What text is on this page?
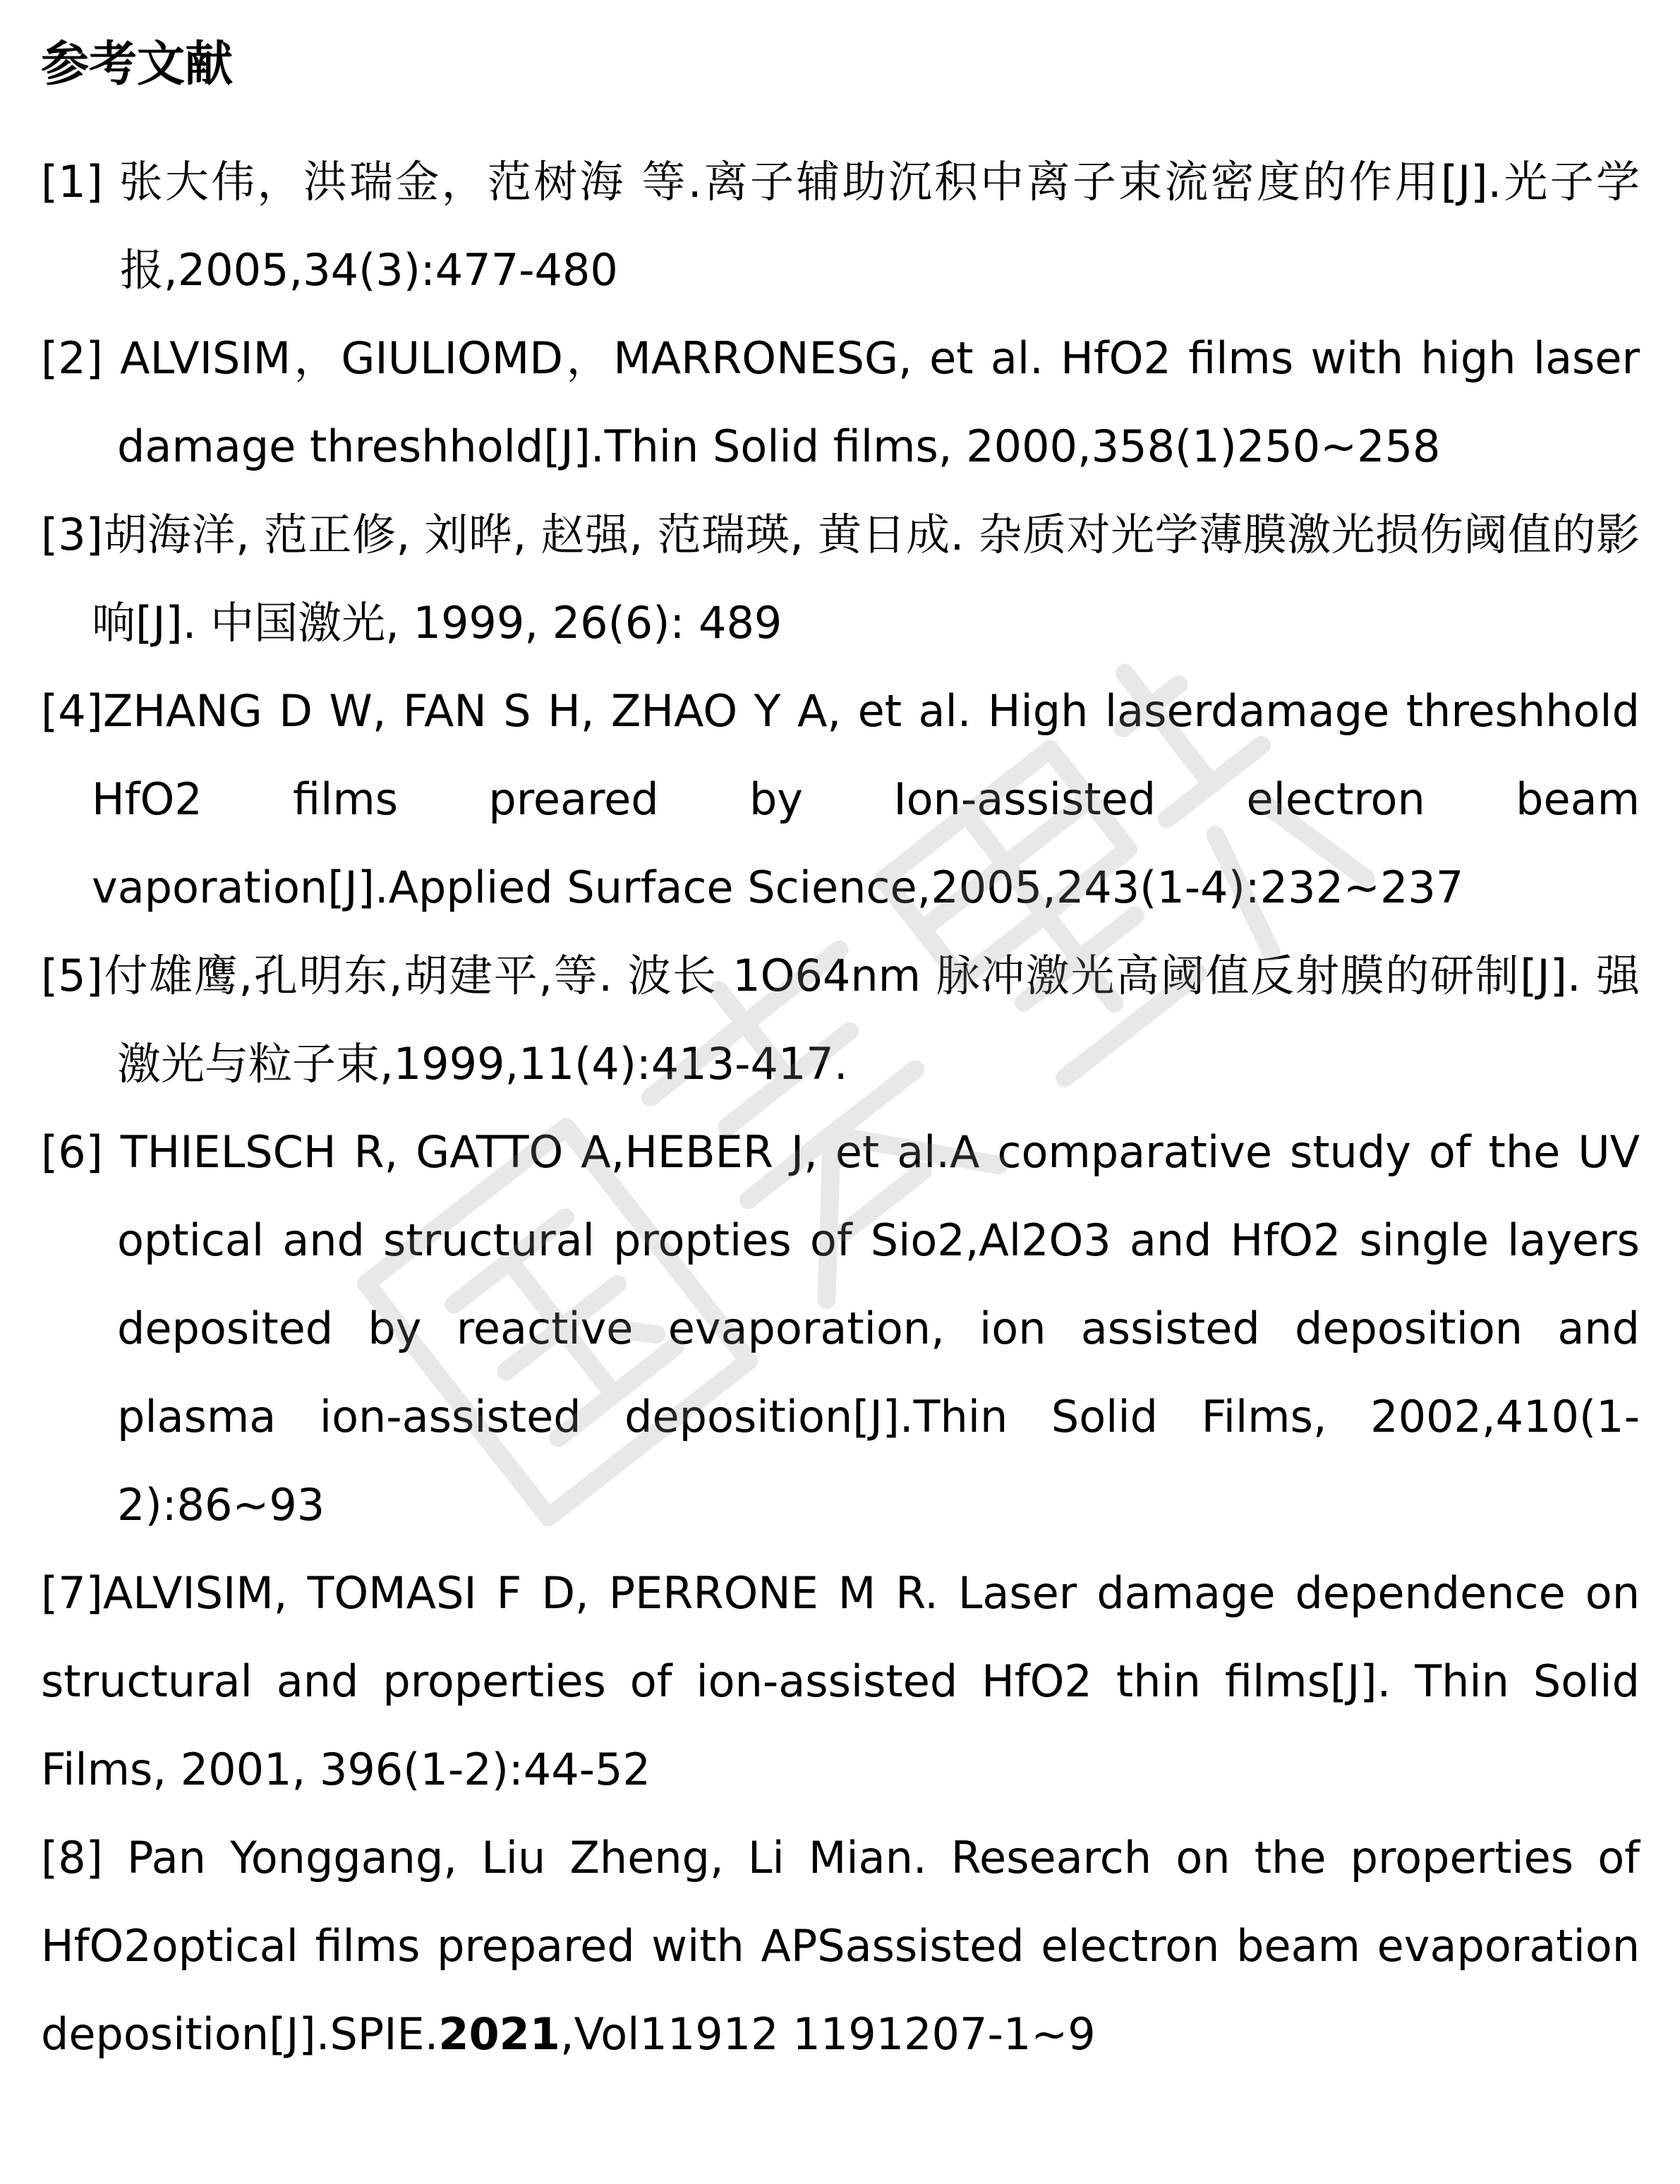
参考文献

[1] 张大伟，洪瑞金，范树海 等.离子辅助沉积中离子束流密度的作用[J].光子学报,2005,34(3):477-480

[2] ALVISIM，GIULIOMD，MARRONESG, et al. HfO2 films with high laser damage threshhold[J].Thin Solid films, 2000,358(1)250~258

[3]胡海洋, 范正修, 刘晔, 赵强, 范瑞瑛, 黄日成. 杂质对光学薄膜激光损伤阈值的影响[J]. 中国激光, 1999, 26(6): 489

[4]ZHANG D W, FAN S H, ZHAO Y A, et al. High laserdamage threshhold HfO2 films preared by Ion-assisted electron beam vaporation[J].Applied Surface Science,2005,243(1-4):232~237

[5]付雄鹰,孔明东,胡建平,等. 波长 1O64nm 脉冲激光高阈值反射膜的研制[J]. 强激光与粒子束,1999,11(4):413-417.

[6] THIELSCH R, GATTO A,HEBER J, et al.A comparative study of the UV optical and structural propties of Sio2,Al2O3 and HfO2 single layers deposited by reactive evaporation, ion assisted deposition and plasma ion-assisted deposition[J].Thin Solid Films, 2002,410(1-2):86~93

[7]ALVISIM, TOMASI F D, PERRONE M R. Laser damage dependence on structural and properties of ion-assisted HfO2 thin films[J]. Thin Solid Films, 2001, 396(1-2):44-52

[8] Pan Yonggang, Liu Zheng, Li Mian. Research on the properties of HfO2optical films prepared with APSassisted electron beam evaporation deposition[J].SPIE.2021,Vol11912 1191207-1~9
